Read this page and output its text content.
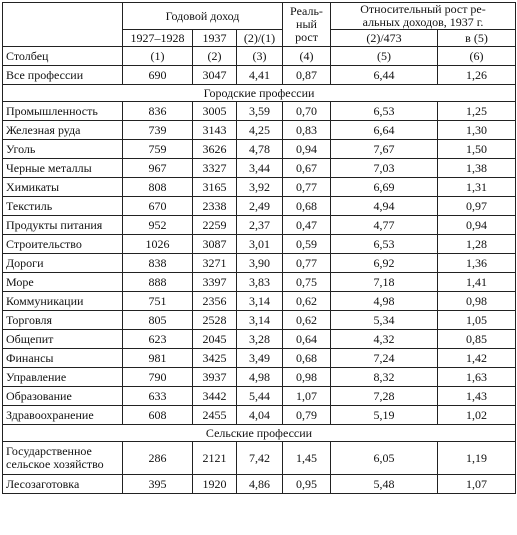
	Годовой доход			Реаль-
ный
рост	Относительный рост ре-
альных доходов, 1937 г.	
	1927–1928	1937	(2)/(1)		(2)/473	в (5)
Столбец	(1)	(2)	(3)	(4)	(5)	(6)
Все профессии	690	3047	4,41	0,87	6,44	1,26
Городские профессии						
Промышленность	836	3005	3,59	0,70	6,53	1,25
Железная руда	739	3143	4,25	0,83	6,64	1,30
Уголь	759	3626	4,78	0,94	7,67	1,50
Черные металлы	967	3327	3,44	0,67	7,03	1,38
Химикаты	808	3165	3,92	0,77	6,69	1,31
Текстиль	670	2338	2,49	0,68	4,94	0,97
Продукты питания	952	2259	2,37	0,47	4,77	0,94
Строительство	1026	3087	3,01	0,59	6,53	1,28
Дороги	838	3271	3,90	0,77	6,92	1,36
Море	888	3397	3,83	0,75	7,18	1,41
Коммуникации	751	2356	3,14	0,62	4,98	0,98
Торговля	805	2528	3,14	0,62	5,34	1,05
Общепит	623	2045	3,28	0,64	4,32	0,85
Финансы	981	3425	3,49	0,68	7,24	1,42
Управление	790	3937	4,98	0,98	8,32	1,63
Образование	633	3442	5,44	1,07	7,28	1,43
Здравоохранение	608	2455	4,04	0,79	5,19	1,02
Сельские профессии						
Государственное
сельское хозяйство	286	2121	7,42	1,45	6,05	1,19
Лесозаготовка	395	1920	4,86	0,95	5,48	1,07
